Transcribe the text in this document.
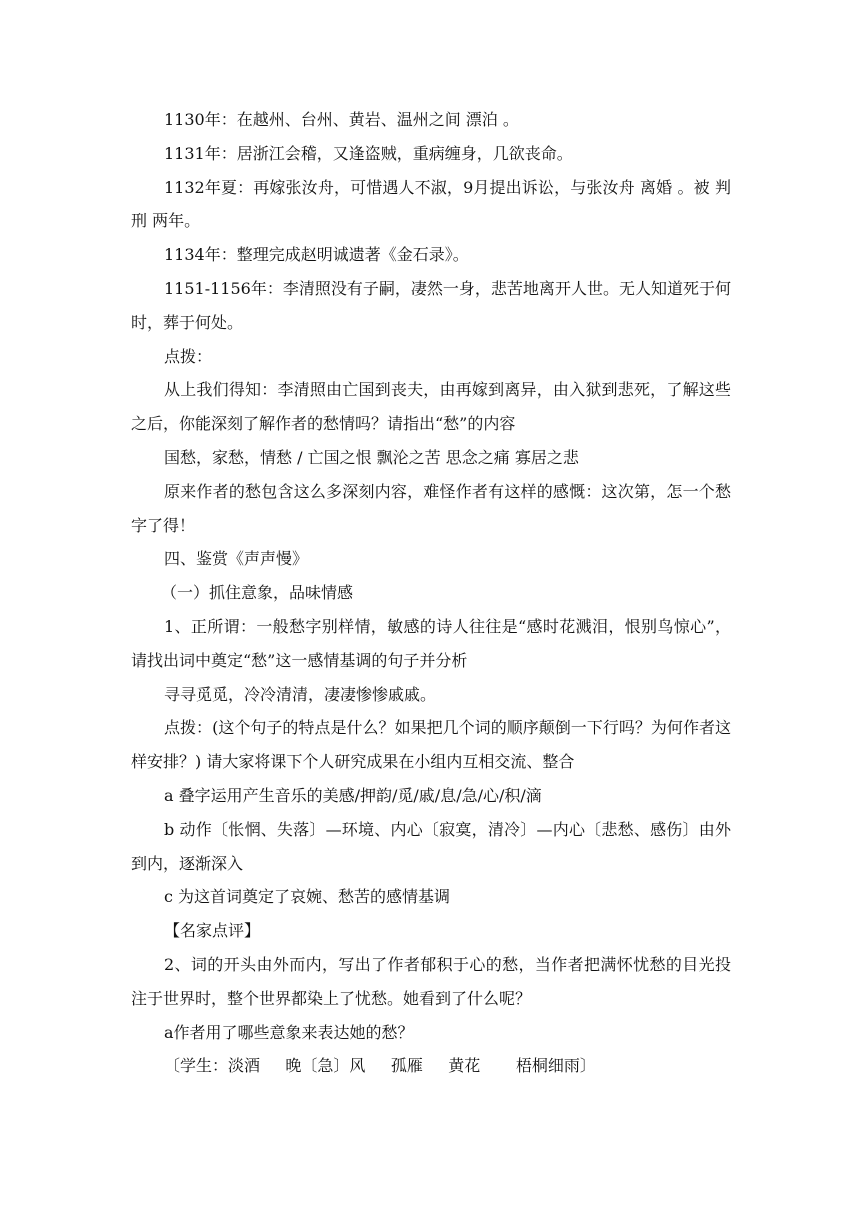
1130年：在越州、台州、黄岩、温州之间 漂泊 。

1131年：居浙江会稽，又逢盗贼，重病缠身，几欲丧命。

1132年夏：再嫁张汝舟，可惜遇人不淑，9月提出诉讼，与张汝舟 离婚 。被 判刑 两年。

1134年：整理完成赵明诚遗著《金石录》。

1151-1156年：李清照没有子嗣，凄然一身，悲苦地离开人世。无人知道死于何时，葬于何处。

点拨：

从上我们得知：李清照由亡国到丧夫，由再嫁到离异，由入狱到悲死，了解这些之后，你能深刻了解作者的愁情吗？请指出“愁”的内容

国愁，家愁，情愁 / 亡国之恨 飘沦之苦 思念之痛 寡居之悲

原来作者的愁包含这么多深刻内容，难怪作者有这样的感慨：这次第，怎一个愁字了得！

四、鉴赏《声声慢》

（一）抓住意象，品味情感

1、正所谓：一般愁字别样情，敏感的诗人往往是“感时花溅泪，恨别鸟惊心”，请找出词中奠定“愁”这一感情基调的句子并分析

寻寻觅觅，冷冷清清，凄凄惨惨戚戚。

点拨：(这个句子的特点是什么？如果把几个词的顺序颠倒一下行吗？为何作者这样安排？) 请大家将课下个人研究成果在小组内互相交流、整合

a 叠字运用产生音乐的美感/押韵/觅/戚/息/急/心/积/滴

b 动作〔怅惘、失落〕—环境、内心〔寂寞，清冷〕—内心〔悲愁、感伤〕由外到内，逐渐深入

c 为这首词奠定了哀婉、愁苦的感情基调

【名家点评】

2、词的开头由外而内，写出了作者郁积于心的愁，当作者把满怀忧愁的目光投注于世界时，整个世界都染上了忧愁。她看到了什么呢？

a作者用了哪些意象来表达她的愁？

〔学生：淡酒     晚〔急〕风     孤雁     黄花       梧桐细雨〕
